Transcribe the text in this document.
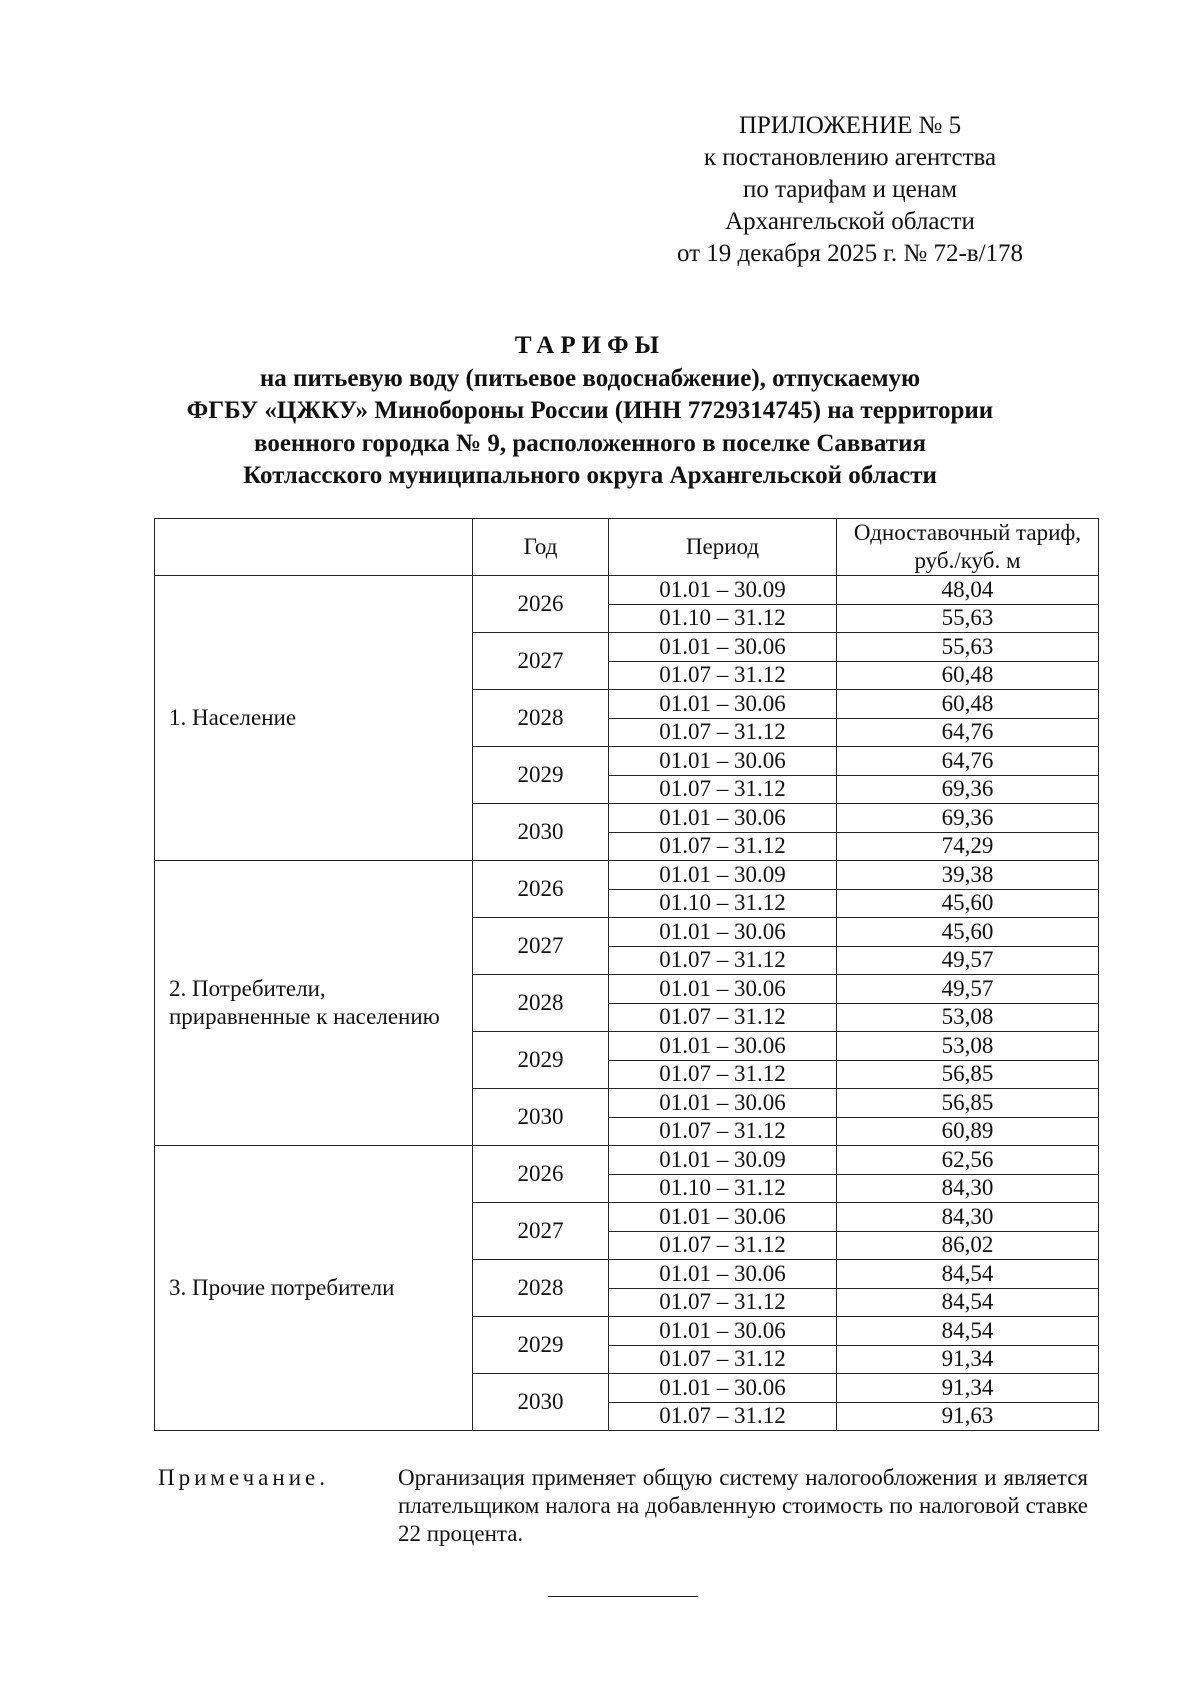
ПРИЛОЖЕНИЕ № 5
к постановлению агентства
по тарифам и ценам
Архангельской области
от 19 декабря 2025 г. № 72-в/178
ТАРИФЫ
на питьевую воду (питьевое водоснабжение), отпускаемую
ФГБУ «ЦЖКУ» Минобороны России (ИНН 7729314745) на территории
военного городка № 9, расположенного в поселке Савватия
Котласского муниципального округа Архангельской области
	Год	Период	Одноставочный тариф, руб./куб. м
1. Население	2026	01.01 – 30.09	48,04
		01.10 – 31.12	55,63
	2027	01.01 – 30.06	55,63
		01.07 – 31.12	60,48
	2028	01.01 – 30.06	60,48
		01.07 – 31.12	64,76
	2029	01.01 – 30.06	64,76
		01.07 – 31.12	69,36
	2030	01.01 – 30.06	69,36
		01.07 – 31.12	74,29
2. Потребители, приравненные к населению	2026	01.01 – 30.09	39,38
		01.10 – 31.12	45,60
	2027	01.01 – 30.06	45,60
		01.07 – 31.12	49,57
	2028	01.01 – 30.06	49,57
		01.07 – 31.12	53,08
	2029	01.01 – 30.06	53,08
		01.07 – 31.12	56,85
	2030	01.01 – 30.06	56,85
		01.07 – 31.12	60,89
3. Прочие потребители	2026	01.01 – 30.09	62,56
		01.10 – 31.12	84,30
	2027	01.01 – 30.06	84,30
		01.07 – 31.12	86,02
	2028	01.01 – 30.06	84,54
		01.07 – 31.12	84,54
	2029	01.01 – 30.06	84,54
		01.07 – 31.12	91,34
	2030	01.01 – 30.06	91,34
		01.07 – 31.12	91,63
Примечание.	Организация применяет общую систему налогообложения и является плательщиком налога на добавленную стоимость по налоговой ставке 22 процента.
